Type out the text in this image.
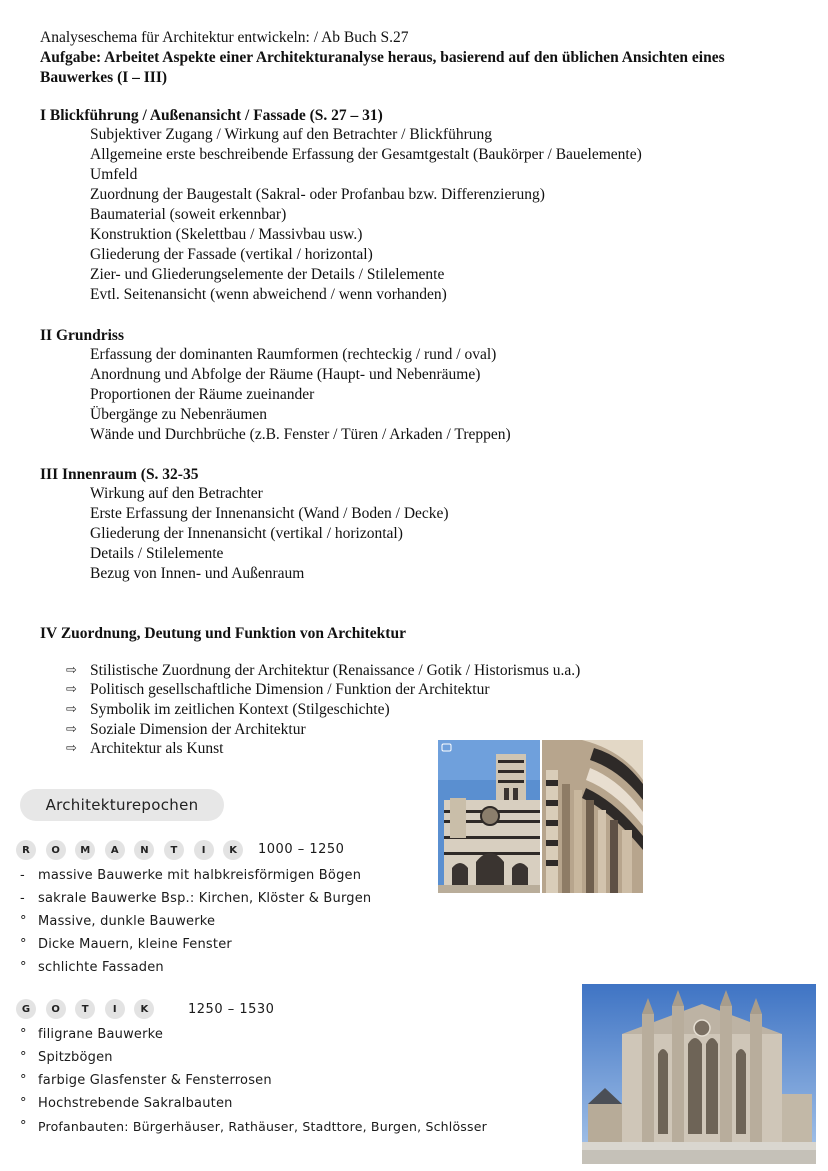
Analyseschema für Architektur entwickeln: / Ab Buch S.27
Aufgabe: Arbeitet Aspekte einer Architekturanalyse heraus, basierend auf den üblichen Ansichten eines
Bauwerkes (I – III)
I Blickführung / Außenansicht / Fassade (S. 27 – 31)
Subjektiver Zugang / Wirkung auf den Betrachter / Blickführung
Allgemeine erste beschreibende Erfassung der Gesamtgestalt (Baukörper / Bauelemente)
Umfeld
Zuordnung der Baugestalt (Sakral- oder Profanbau bzw. Differenzierung)
Baumaterial (soweit erkennbar)
Konstruktion (Skelettbau / Massivbau usw.)
Gliederung der Fassade (vertikal / horizontal)
Zier- und Gliederungselemente der Details / Stilelemente
Evtl. Seitenansicht (wenn abweichend / wenn vorhanden)
II Grundriss
Erfassung der dominanten Raumformen (rechteckig / rund / oval)
Anordnung und Abfolge der Räume (Haupt- und Nebenräume)
Proportionen der Räume zueinander
Übergänge zu Nebenräumen
Wände und Durchbrüche (z.B. Fenster / Türen / Arkaden / Treppen)
III Innenraum (S. 32-35
Wirkung auf den Betrachter
Erste Erfassung der Innenansicht (Wand / Boden / Decke)
Gliederung der Innenansicht (vertikal / horizontal)
Details / Stilelemente
Bezug von Innen- und Außenraum
IV Zuordnung, Deutung und Funktion von Architektur
⇨ Stilistische Zuordnung der Architektur (Renaissance / Gotik / Historismus u.a.)
⇨ Politisch gesellschaftliche Dimension / Funktion der Architektur
⇨ Symbolik im zeitlichen Kontext (Stilgeschichte)
⇨ Soziale Dimension der Architektur
⇨ Architektur als Kunst
Architekturepochen
R	O	M	A	N	T	I	K	1000 – 1250
-	massive Bauwerke mit halbkreisförmigen Bögen
-	sakrale Bauwerke Bsp.: Kirchen, Klöster & Burgen
° Massive, dunkle Bauwerke
° Dicke Mauern, kleine Fenster
° schlichte Fassaden
G	O	T	I	K	1250 – 1530
° filigrane Bauwerke
° Spitzbögen
° farbige Glasfenster & Fensterrosen
° Hochstrebende Sakralbauten
° Profanbauten: Bürgerhäuser, Rathäuser, Stadttore, Burgen, Schlösser
